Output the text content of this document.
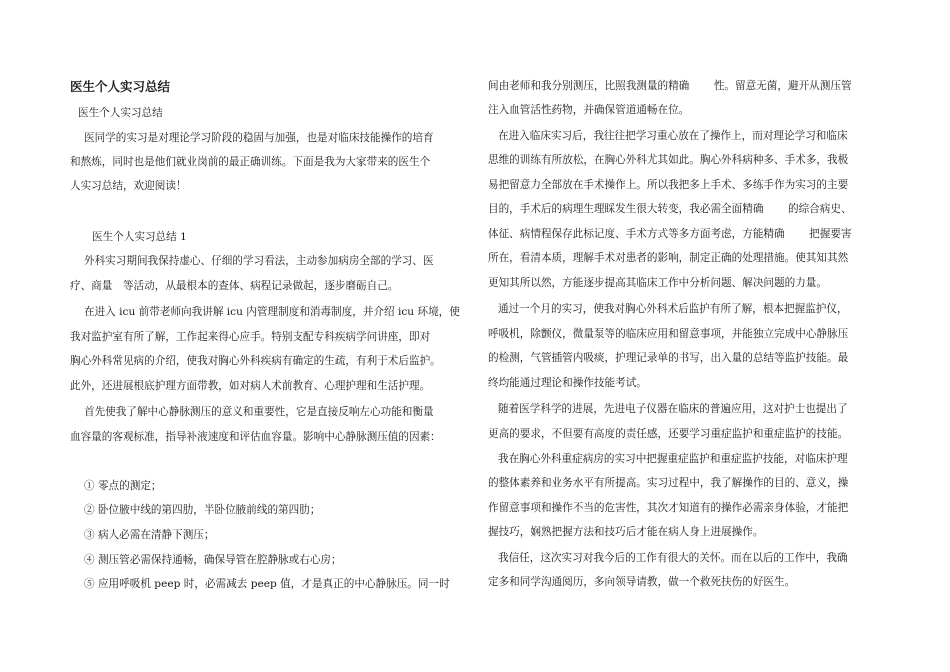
医生个人实习总结
医生个人实习总结
医同学的实习是对理论学习阶段的稳固与加强，也是对临床技能操作的培育
和熬炼，同时也是他们就业岗前的最正确训练。下面是我为大家带来的医生个
人实习总结，欢迎阅读！
医生个人实习总结 1
外科实习期间我保持虚心、仔细的学习看法，主动参加病房全部的学习、医
疗、商量　等活动，从最根本的查体、病程记录做起，逐步磨砺自己。
在进入 icu 前带老师向我讲解 icu 内管理制度和消毒制度，并介绍 icu 环境，使
我对监护室有所了解，工作起来得心应手。特别支配专科疾病学问讲座，即对
胸心外科常见病的介绍，使我对胸心外科疾病有确定的生疏，有利于术后监护。
此外，还进展根底护理方面带教，如对病人术前教育、心理护理和生活护理。
首先使我了解中心静脉测压的意义和重要性，它是直接反响左心功能和衡量
血容量的客观标准，指导补液速度和评估血容量。影响中心静脉测压值的因素：
① 零点的测定；
② 卧位腋中线的第四肋，半卧位腋前线的第四肋；
③ 病人必需在清静下测压；
④ 测压管必需保持通畅，确保导管在腔静脉或右心房；
⑤ 应用呼吸机 peep 时，必需减去 peep 值，才是真正的中心静脉压。同一时
间由老师和我分别测压，比照我测量的精确　　 性。留意无菌，避开从测压管
注入血管活性药物，并确保管道通畅在位。
在进入临床实习后，我往往把学习重心放在了操作上，而对理论学习和临床
思维的训练有所放松，在胸心外科尤其如此。胸心外科病种多、手术多，我极
易把留意力全部放在手术操作上。所以我把多上手术、多练手作为实习的主要
目的，手术后的病理生理睬发生很大转变，我必需全面精确　　 的综合病史、
体征、病情程保存此标记度、手术方式等多方面考虑，方能精确　　 把握要害
所在，看清本质，理解手术对患者的影响，制定正确的处理措施。使其知其然
更知其所以然，方能逐步提高其临床工作中分析问题、解决问题的力量。
通过一个月的实习，使我对胸心外科术后监护有所了解，根本把握监护仪，
呼吸机，除颤仪，微量泵等的临床应用和留意事项，并能独立完成中心静脉压
的检测，气管插管内吸痰，护理记录单的书写，出入量的总结等监护技能。最
终均能通过理论和操作技能考试。
随着医学科学的进展，先进电子仪器在临床的普遍应用，这对护士也提出了
更高的要求，不但要有高度的责任感，还要学习重症监护和重症监护的技能。
我在胸心外科重症病房的实习中把握重症监护和重症监护技能，对临床护理
的整体素养和业务水平有所提高。实习过程中，我了解操作的目的、意义，操
作留意事项和操作不当的危害性，其次才知道有的操作必需亲身体验，才能把
握技巧，娴熟把握方法和技巧后才能在病人身上进展操作。
我信任，这次实习对我今后的工作有很大的关怀。而在以后的工作中，我确
定多和同学沟通阅历，多向领导请教，做一个救死扶伤的好医生。
